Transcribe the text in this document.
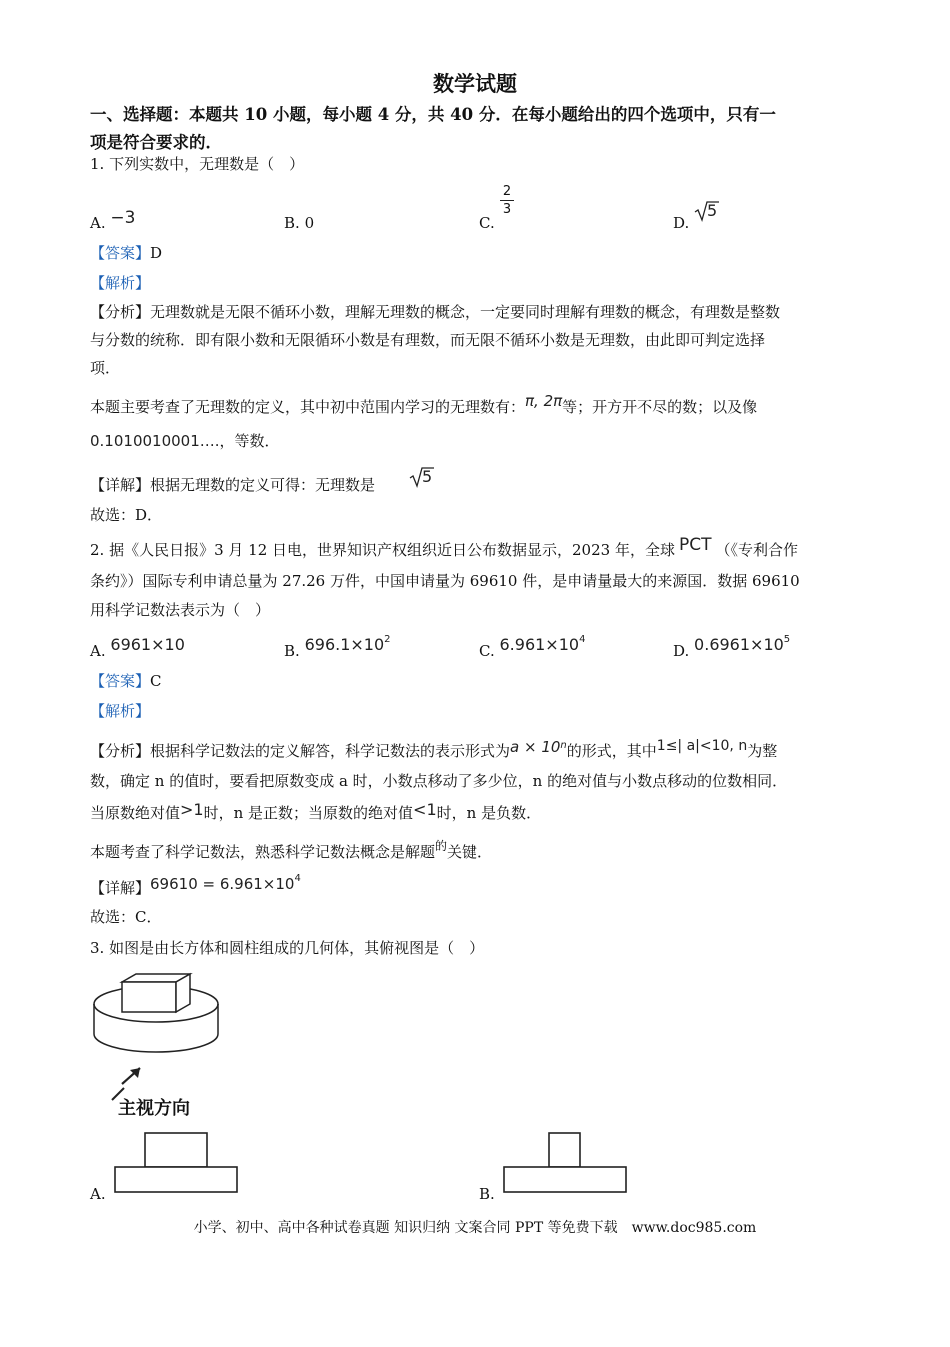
数学试题
一、选择题：本题共 10 小题，每小题 4 分，共 40 分．在每小题给出的四个选项中，只有一
项是符合要求的．
1. 下列实数中，无理数是（　）
A. −3	B. 0	C.
2
3
D.
5
【答案】D
【解析】
【分析】无理数就是无限不循环小数，理解无理数的概念，一定要同时理解有理数的概念，有理数是整数
与分数的统称．即有限小数和无限循环小数是有理数，而无限不循环小数是无理数，由此即可判定选择
项．
本题主要考查了无理数的定义，其中初中范围内学习的无理数有：π, 2π等；开方开不尽的数；以及像
0.1010010001….，等数．
【详解】根据无理数的定义可得：无理数是	5
故选：D．
2. 据《人民日报》3 月 12 日电，世界知识产权组织近日公布数据显示，2023 年，全球 PCT （《专利合作
条约》）国际专利申请总量为 27.26 万件，中国申请量为 69610 件，是申请量最大的来源国．数据 69610
用科学记数法表示为（　）
A. 6961×10	B. $696.1\times 10^2$
C. $6.961\times 10^4$
D. $0.6961\times 10^5$
【答案】C
【解析】
【分析】根据科学记数法的定义解答，科学记数法的表示形式为$a \times 10^n$的形式，其中1≤| a|<10, n为整
数，确定 n 的值时，要看把原数变成 a 时，小数点移动了多少位，n 的绝对值与小数点移动的位数相同．
当原数绝对值>1时，n 是正数；当原数的绝对值<1时，n 是负数．
本题考查了科学记数法，熟悉科学记数法概念是解题$^的$关键．
【详解】$69610 = 6.961\times 10^4$
故选：C．
3. 如图是由长方体和圆柱组成的几何体，其俯视图是（　）
主视方向
A.	B.
小学、初中、高中各种试卷真题 知识归纳 文案合同 PPT 等免费下载　www.doc985.com
